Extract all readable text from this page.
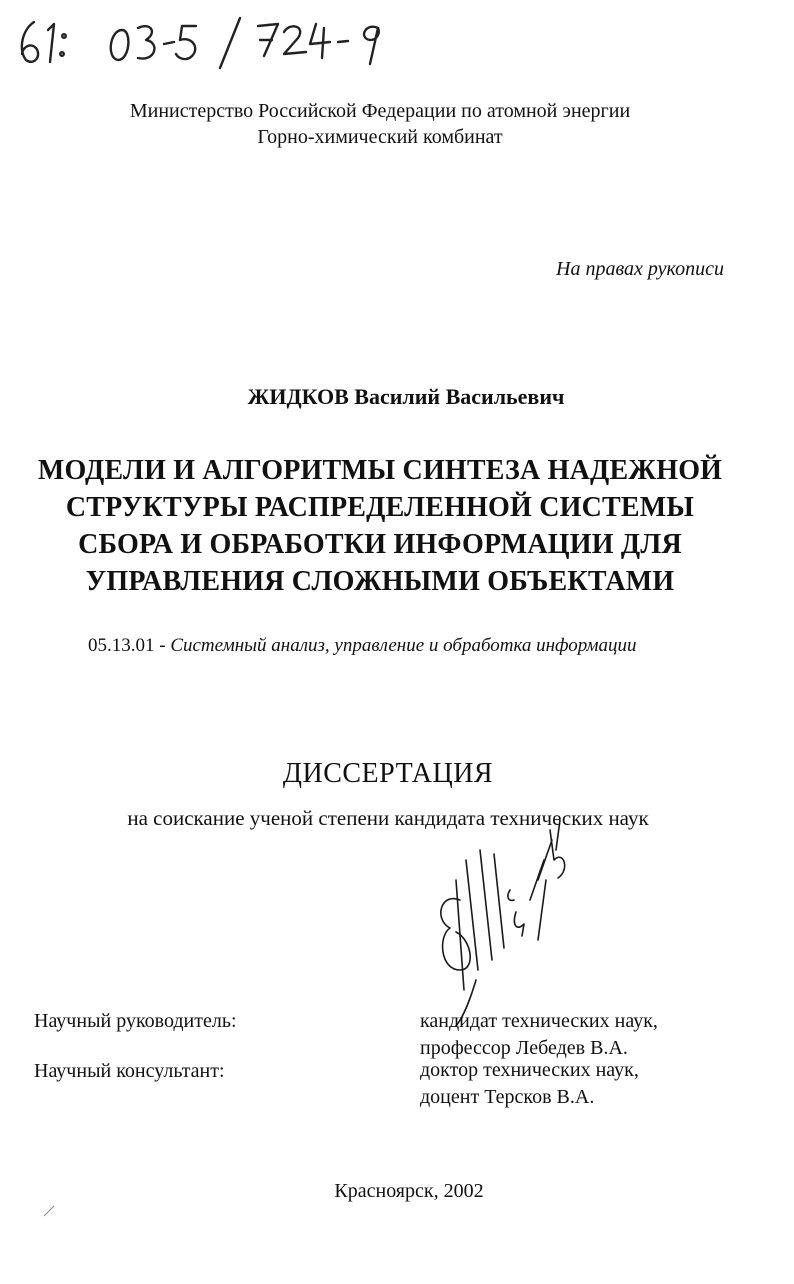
Министерство Российской Федерации по атомной энергии
Горно-химический комбинат
На правах рукописи
ЖИДКОВ Василий Васильевич
МОДЕЛИ И АЛГОРИТМЫ СИНТЕЗА НАДЕЖНОЙ
СТРУКТУРЫ РАСПРЕДЕЛЕННОЙ СИСТЕМЫ
СБОРА И ОБРАБОТКИ ИНФОРМАЦИИ ДЛЯ
УПРАВЛЕНИЯ СЛОЖНЫМИ ОБЪЕКТАМИ
05.13.01 - Системный анализ, управление и обработка информации
ДИССЕРТАЦИЯ
на соискание ученой степени кандидата технических наук
Научный руководитель:	кандидат технических наук,
профессор Лебедев В.А.
Научный консультант:	доктор технических наук,
доцент Терсков В.А.
Красноярск, 2002
